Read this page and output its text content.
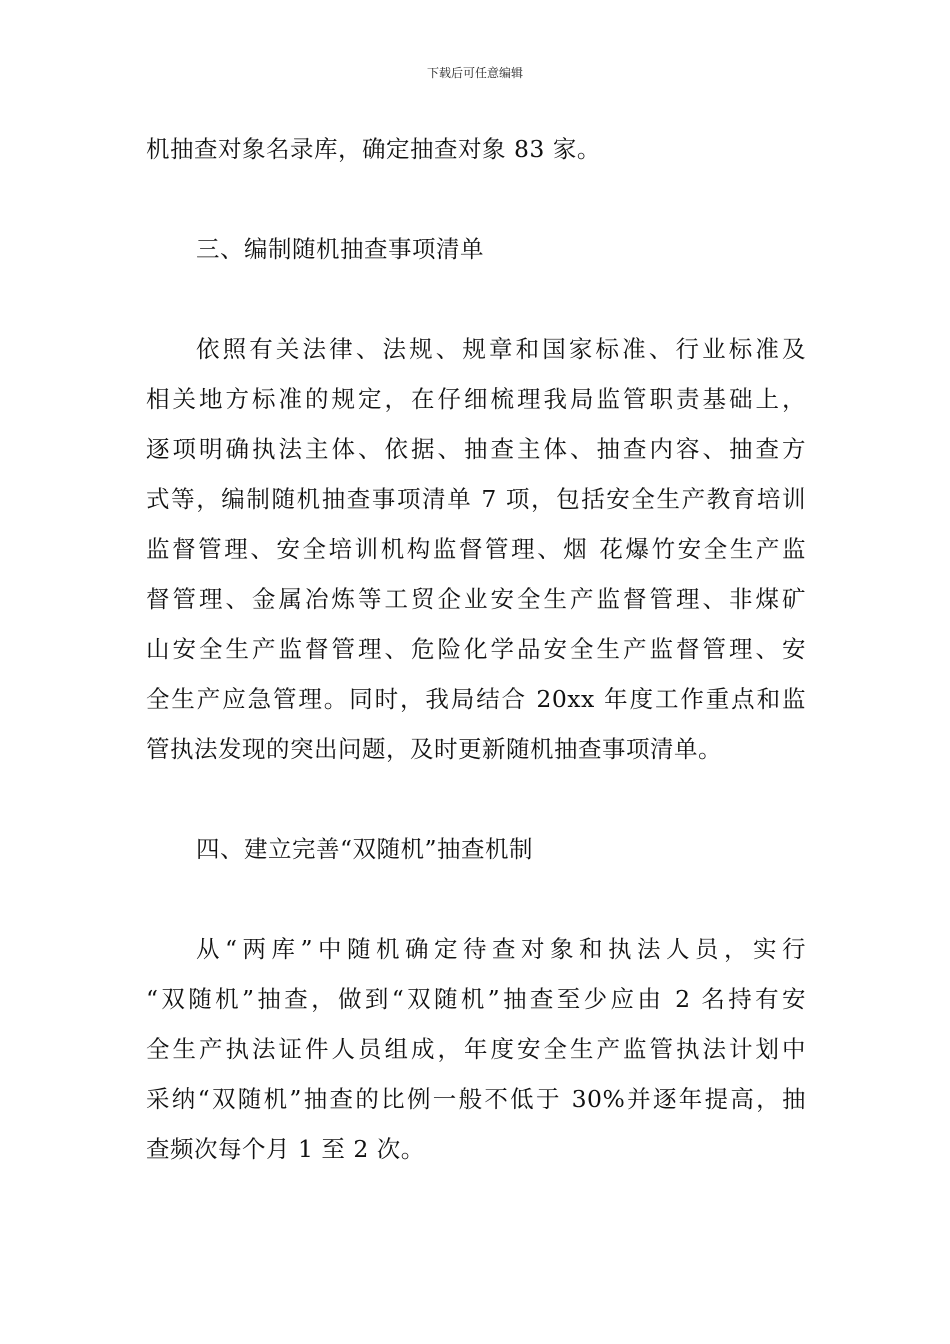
下载后可任意编辑
机抽查对象名录库，确定抽查对象 83 家。
三、编制随机抽查事项清单
依照有关法律、法规、规章和国家标准、行业标准及
相关地方标准的规定，在仔细梳理我局监管职责基础上，
逐项明确执法主体、依据、抽查主体、抽查内容、抽查方
式等，编制随机抽查事项清单 7 项，包括安全生产教育培训
监督管理、安全培训机构监督管理、烟 花爆竹安全生产监
督管理、金属冶炼等工贸企业安全生产监督管理、非煤矿
山安全生产监督管理、危险化学品安全生产监督管理、安
全生产应急管理。同时，我局结合 20xx 年度工作重点和监
管执法发现的突出问题，及时更新随机抽查事项清单。
四、建立完善“双随机”抽查机制
从“两库”中随机确定待查对象和执法人员，实行
“双随机”抽查，做到“双随机”抽查至少应由 2 名持有安
全生产执法证件人员组成，年度安全生产监管执法计划中
采纳“双随机”抽查的比例一般不低于 30%并逐年提高，抽
查频次每个月 1 至 2 次。
